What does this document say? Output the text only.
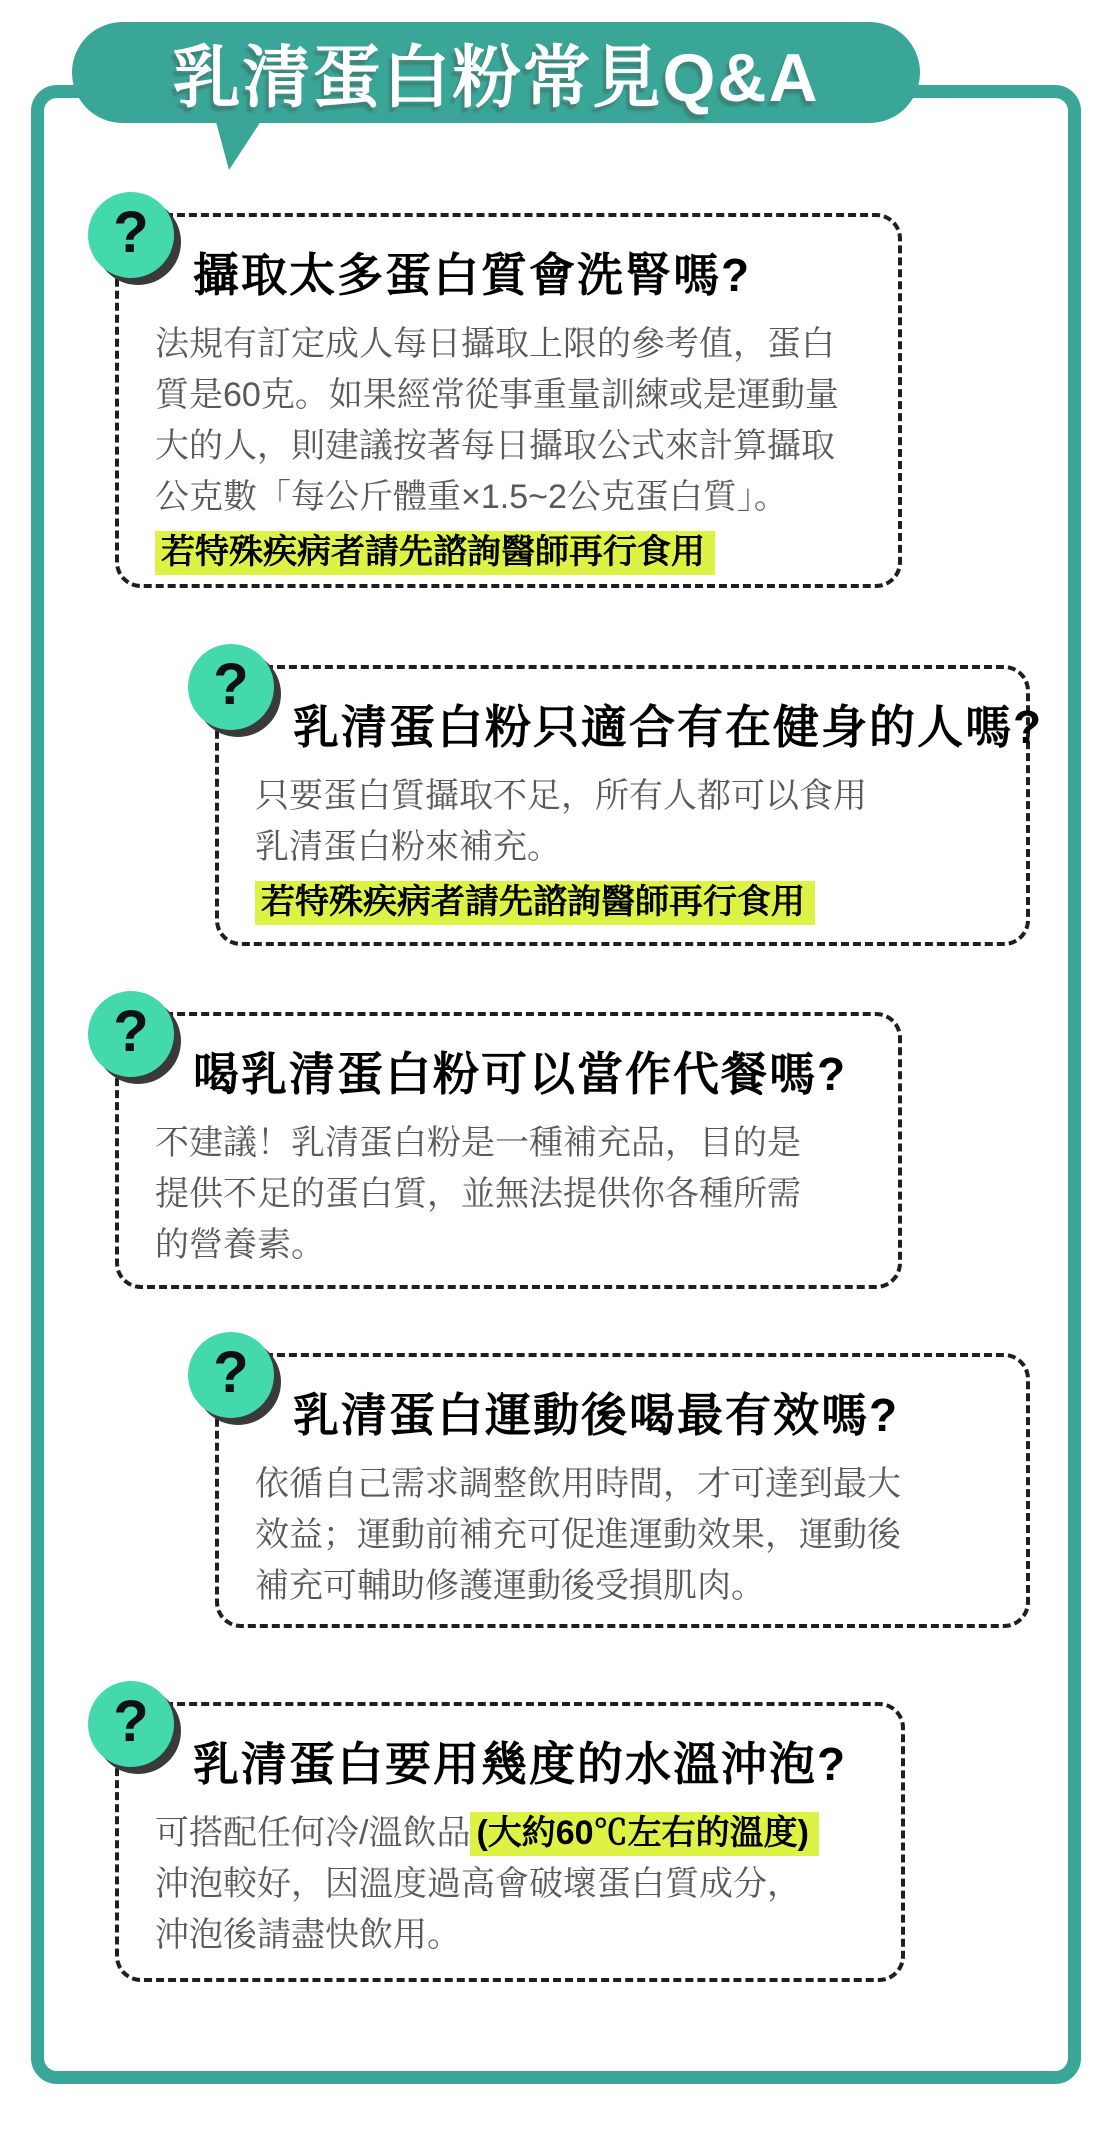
乳清蛋白粉常見Q&A
?
攝取太多蛋白質會洗腎嗎?
法規有訂定成人每日攝取上限的參考值，蛋白
質是60克。如果經常從事重量訓練或是運動量
大的人，則建議按著每日攝取公式來計算攝取
公克數「每公斤體重×1.5~2公克蛋白質」。
若特殊疾病者請先諮詢醫師再行食用
?
乳清蛋白粉只適合有在健身的人嗎?
只要蛋白質攝取不足，所有人都可以食用
乳清蛋白粉來補充。
若特殊疾病者請先諮詢醫師再行食用
?
喝乳清蛋白粉可以當作代餐嗎?
不建議！乳清蛋白粉是一種補充品，目的是
提供不足的蛋白質，並無法提供你各種所需
的營養素。
?
乳清蛋白運動後喝最有效嗎?
依循自己需求調整飲用時間，才可達到最大
效益；運動前補充可促進運動效果，運動後
補充可輔助修護運動後受損肌肉。
?
乳清蛋白要用幾度的水溫沖泡?
可搭配任何冷/溫飲品 (大約60℃左右的溫度)
沖泡較好，因溫度過高會破壞蛋白質成分，
沖泡後請盡快飲用。
